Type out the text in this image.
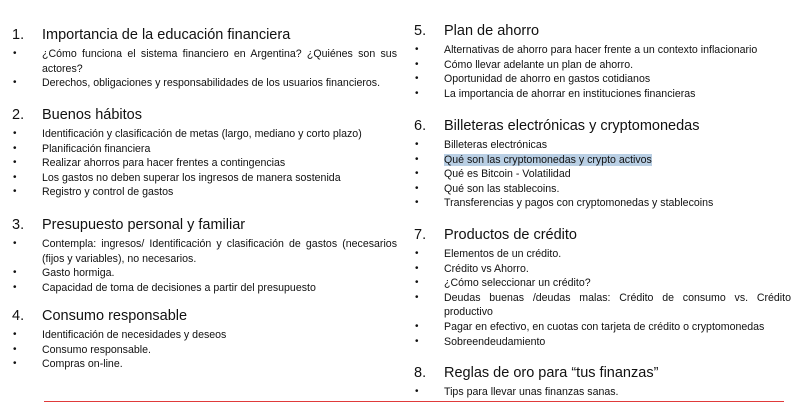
1. Importancia de la educación financiera
• ¿Cómo funciona el sistema financiero en Argentina? ¿Quiénes son sus actores?
• Derechos, obligaciones y responsabilidades de los usuarios financieros.
2. Buenos hábitos
• Identificación y clasificación de metas (largo, mediano y corto plazo)
• Planificación financiera
• Realizar ahorros para hacer frentes a contingencias
• Los gastos no deben superar los ingresos de manera sostenida
• Registro y control de gastos
3. Presupuesto personal y familiar
• Contempla: ingresos/ Identificación y clasificación de gastos (necesarios (fijos y variables), no necesarios.
• Gasto hormiga.
• Capacidad de toma de decisiones a partir del presupuesto
4. Consumo responsable
• Identificación de necesidades y deseos
• Consumo responsable.
• Compras on-line.
5. Plan de ahorro
• Alternativas de ahorro para hacer frente a un contexto inflacionario
• Cómo llevar adelante un plan de ahorro.
• Oportunidad de ahorro en gastos cotidianos
• La importancia de ahorrar en instituciones financieras
6. Billeteras electrónicas y cryptomonedas
• Billeteras electrónicas
• Qué son las cryptomonedas y crypto activos
• Qué es Bitcoin - Volatilidad
• Qué son las stablecoins.
• Transferencias y pagos con cryptomonedas y stablecoins
7. Productos de crédito
• Elementos de un crédito.
• Crédito vs Ahorro.
• ¿Cómo seleccionar un crédito?
• Deudas buenas /deudas malas: Crédito de consumo vs. Crédito productivo
• Pagar en efectivo, en cuotas con tarjeta de crédito o cryptomonedas
• Sobreendeudamiento
8. Reglas de oro para “tus finanzas”
• Tips para llevar unas finanzas sanas.
